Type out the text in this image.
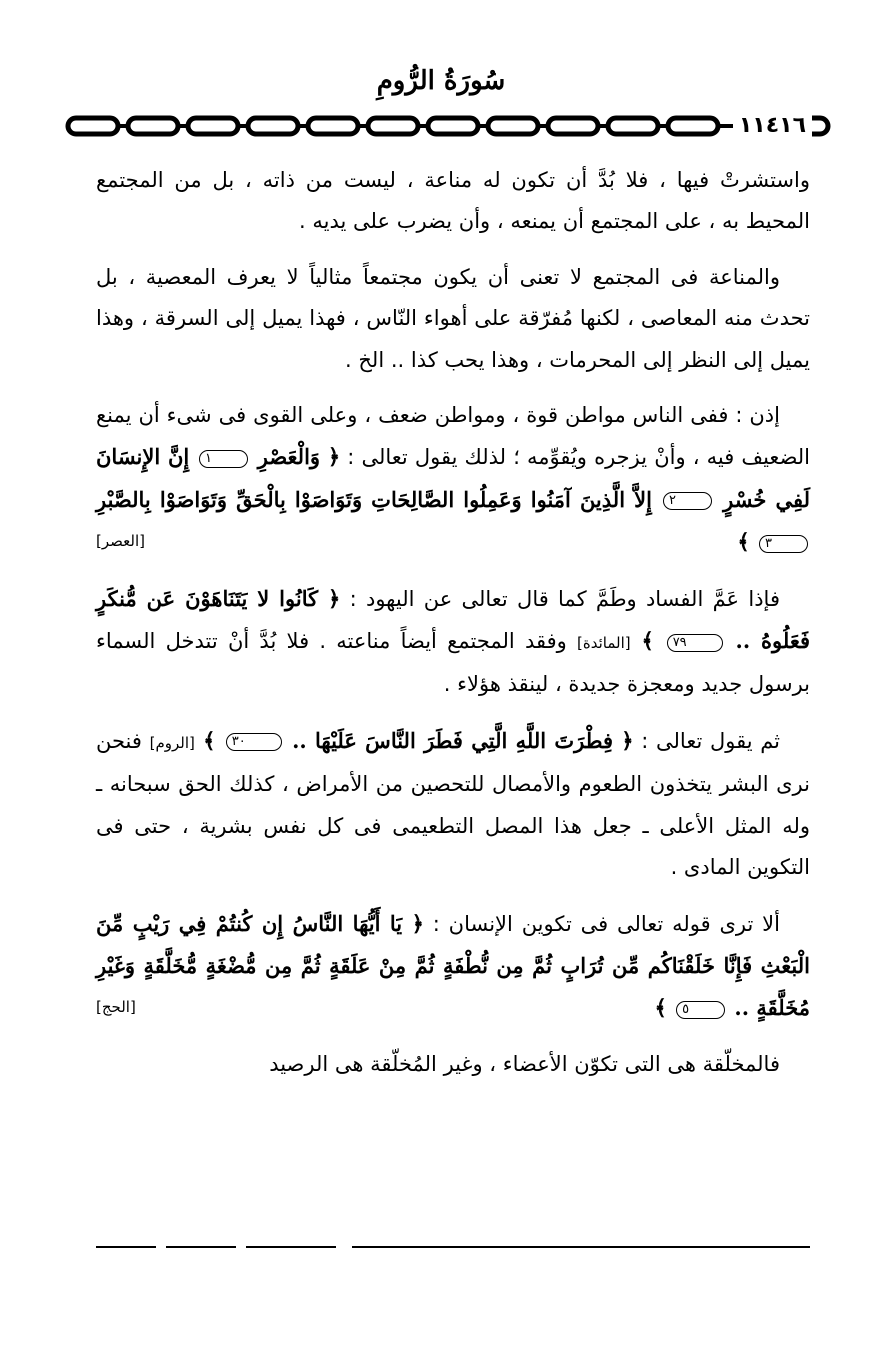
سُورَةُ الرُّومِ
١١٤١٦

واستشرتْ فيها ، فلا بُدَّ أن تكون له مناعة ، ليست من ذاته ، بل من المجتمع المحيط به ، على المجتمع أن يمنعه ، وأن يضرب على يديه .

والمناعة فى المجتمع لا تعنى أن يكون مجتمعاً مثالياً لا يعرف المعصية ، بل تحدث منه المعاصى ، لكنها مُفرّقة على أهواء النّاس ، فهذا يميل إلى السرقة ، وهذا يميل إلى النظر إلى المحرمات ، وهذا يحب كذا .. الخ .

إذن : ففى الناس مواطن قوة ، ومواطن ضعف ، وعلى القوى فى شىء أن يمنع الضعيف فيه ، وأنْ يزجره ويُقوِّمه ؛ لذلك يقول تعالى : ﴿ وَالْعَصْرِ ١ إِنَّ الإِنسَانَ لَفِي خُسْرٍ ٢ إِلاَّ الَّذِينَ آمَنُوا وَعَمِلُوا الصَّالِحَاتِ وَتَوَاصَوْا بِالْحَقِّ وَتَوَاصَوْا بِالصَّبْرِ ٣ ﴾
[العصر]

فإذا عَمَّ الفساد وطَمَّ كما قال تعالى عن اليهود : ﴿ كَانُوا لا يَتَنَاهَوْنَ عَن مُّنكَرٍ فَعَلُوهُ .. ٧٩ ﴾ [المائدة] وفقد المجتمع أيضاً مناعته . فلا بُدَّ أنْ تتدخل السماء برسول جديد ومعجزة جديدة ، لينقذ هؤلاء .

ثم يقول تعالى : ﴿ فِطْرَتَ اللَّهِ الَّتِي فَطَرَ النَّاسَ عَلَيْهَا .. ٣٠ ﴾ [الروم] فنحن نرى البشر يتخذون الطعوم والأمصال للتحصين من الأمراض ، كذلك الحق سبحانه ـ وله المثل الأعلى ـ جعل هذا المصل التطعيمى فى كل نفس بشرية ، حتى فى التكوين المادى .

ألا ترى قوله تعالى فى تكوين الإنسان : ﴿ يَا أَيُّهَا النَّاسُ إِن كُنتُمْ فِي رَيْبٍ مِّنَ الْبَعْثِ فَإِنَّا خَلَقْنَاكُم مِّن تُرَابٍ ثُمَّ مِن نُّطْفَةٍ ثُمَّ مِنْ عَلَقَةٍ ثُمَّ مِن مُّضْغَةٍ مُّخَلَّقَةٍ وَغَيْرِ مُخَلَّقَةٍ .. ٥ ﴾
[الحج]

فالمخلّقة هى التى تكوّن الأعضاء ، وغير المُخلّقة هى الرصيد
